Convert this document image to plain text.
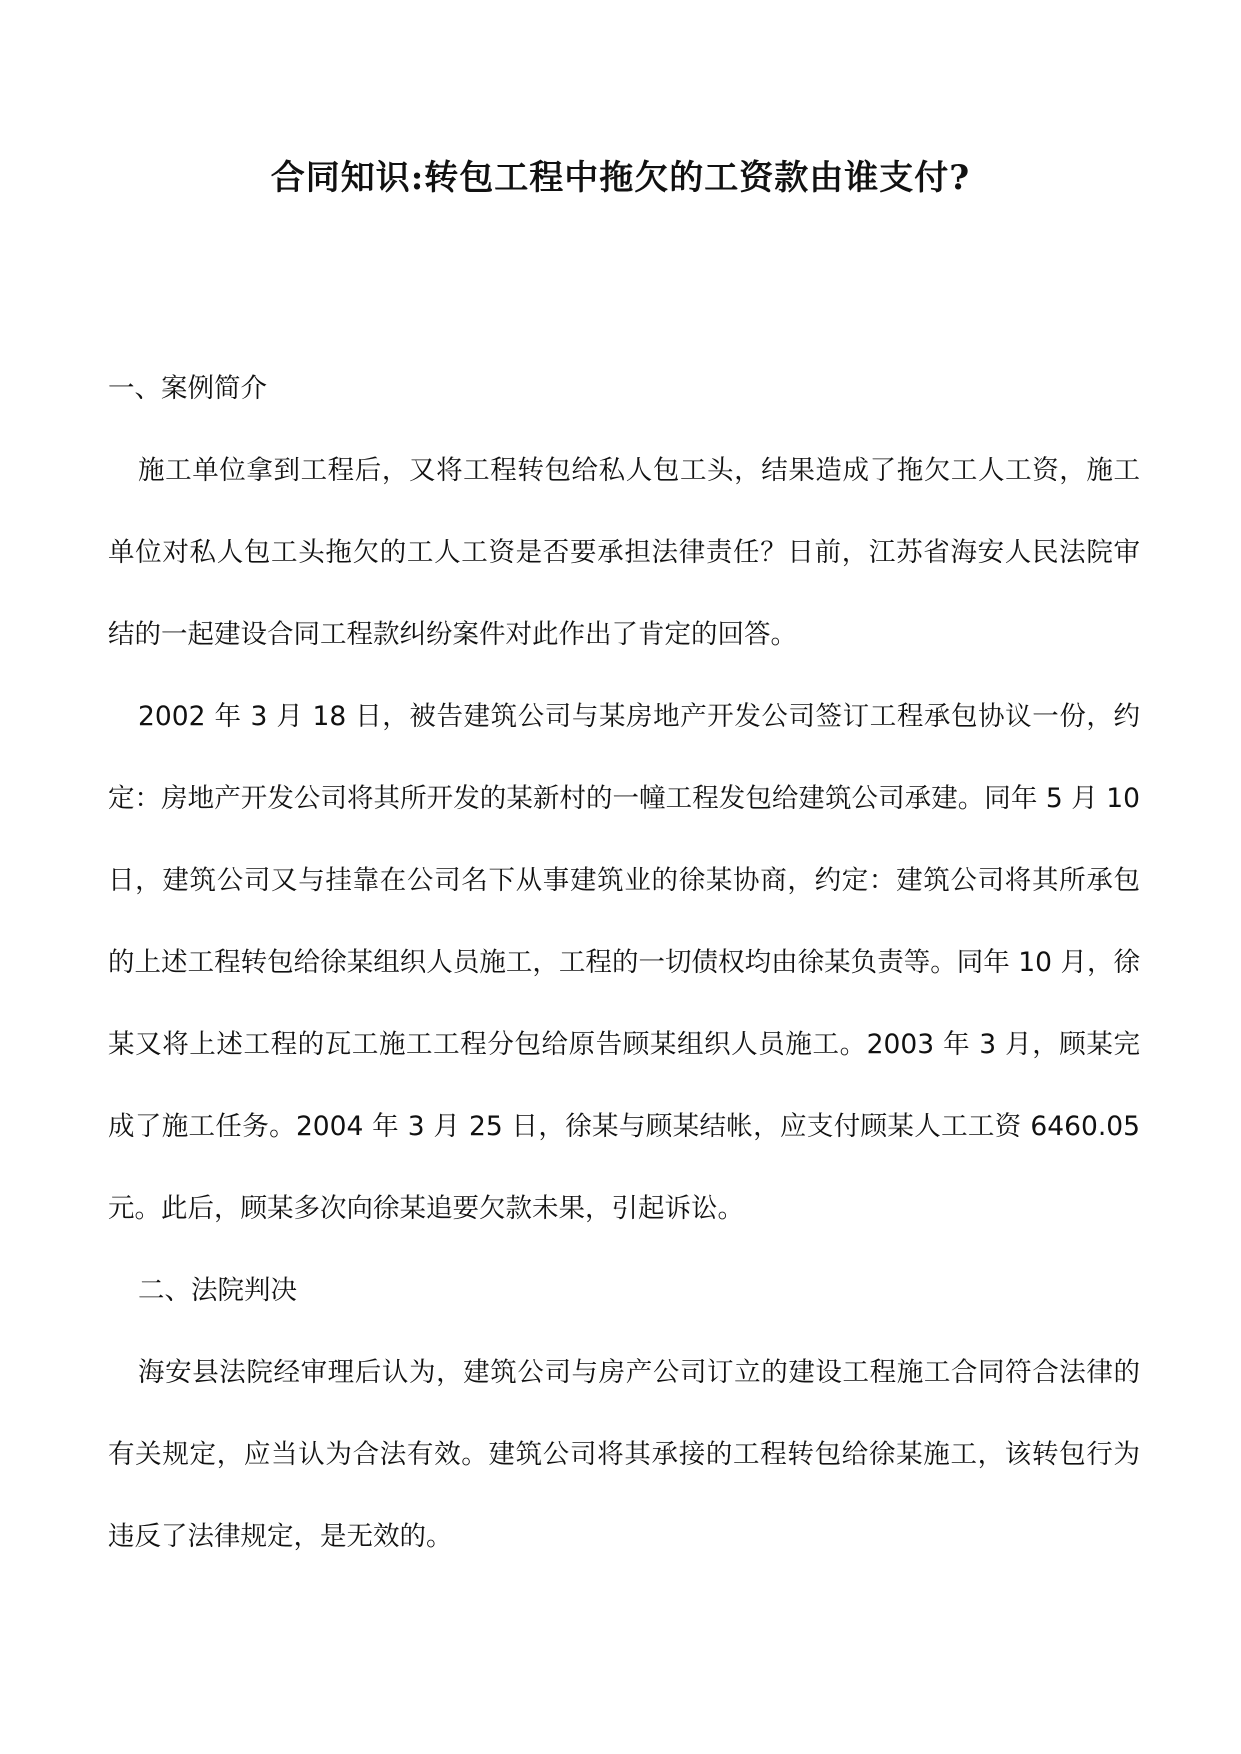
合同知识:转包工程中拖欠的工资款由谁支付?

一、案例简介

施工单位拿到工程后，又将工程转包给私人包工头，结果造成了拖欠工人工资，施工单位对私人包工头拖欠的工人工资是否要承担法律责任？日前，江苏省海安人民法院审结的一起建设合同工程款纠纷案件对此作出了肯定的回答。

2002 年 3 月 18 日，被告建筑公司与某房地产开发公司签订工程承包协议一份，约定：房地产开发公司将其所开发的某新村的一幢工程发包给建筑公司承建。同年 5 月 10 日，建筑公司又与挂靠在公司名下从事建筑业的徐某协商，约定：建筑公司将其所承包的上述工程转包给徐某组织人员施工，工程的一切债权均由徐某负责等。同年 10 月，徐某又将上述工程的瓦工施工工程分包给原告顾某组织人员施工。2003 年 3 月，顾某完成了施工任务。2004 年 3 月 25 日，徐某与顾某结帐，应支付顾某人工工资 6460.05 元。此后，顾某多次向徐某追要欠款未果，引起诉讼。

二、法院判决

海安县法院经审理后认为，建筑公司与房产公司订立的建设工程施工合同符合法律的有关规定，应当认为合法有效。建筑公司将其承接的工程转包给徐某施工，该转包行为违反了法律规定，是无效的。
